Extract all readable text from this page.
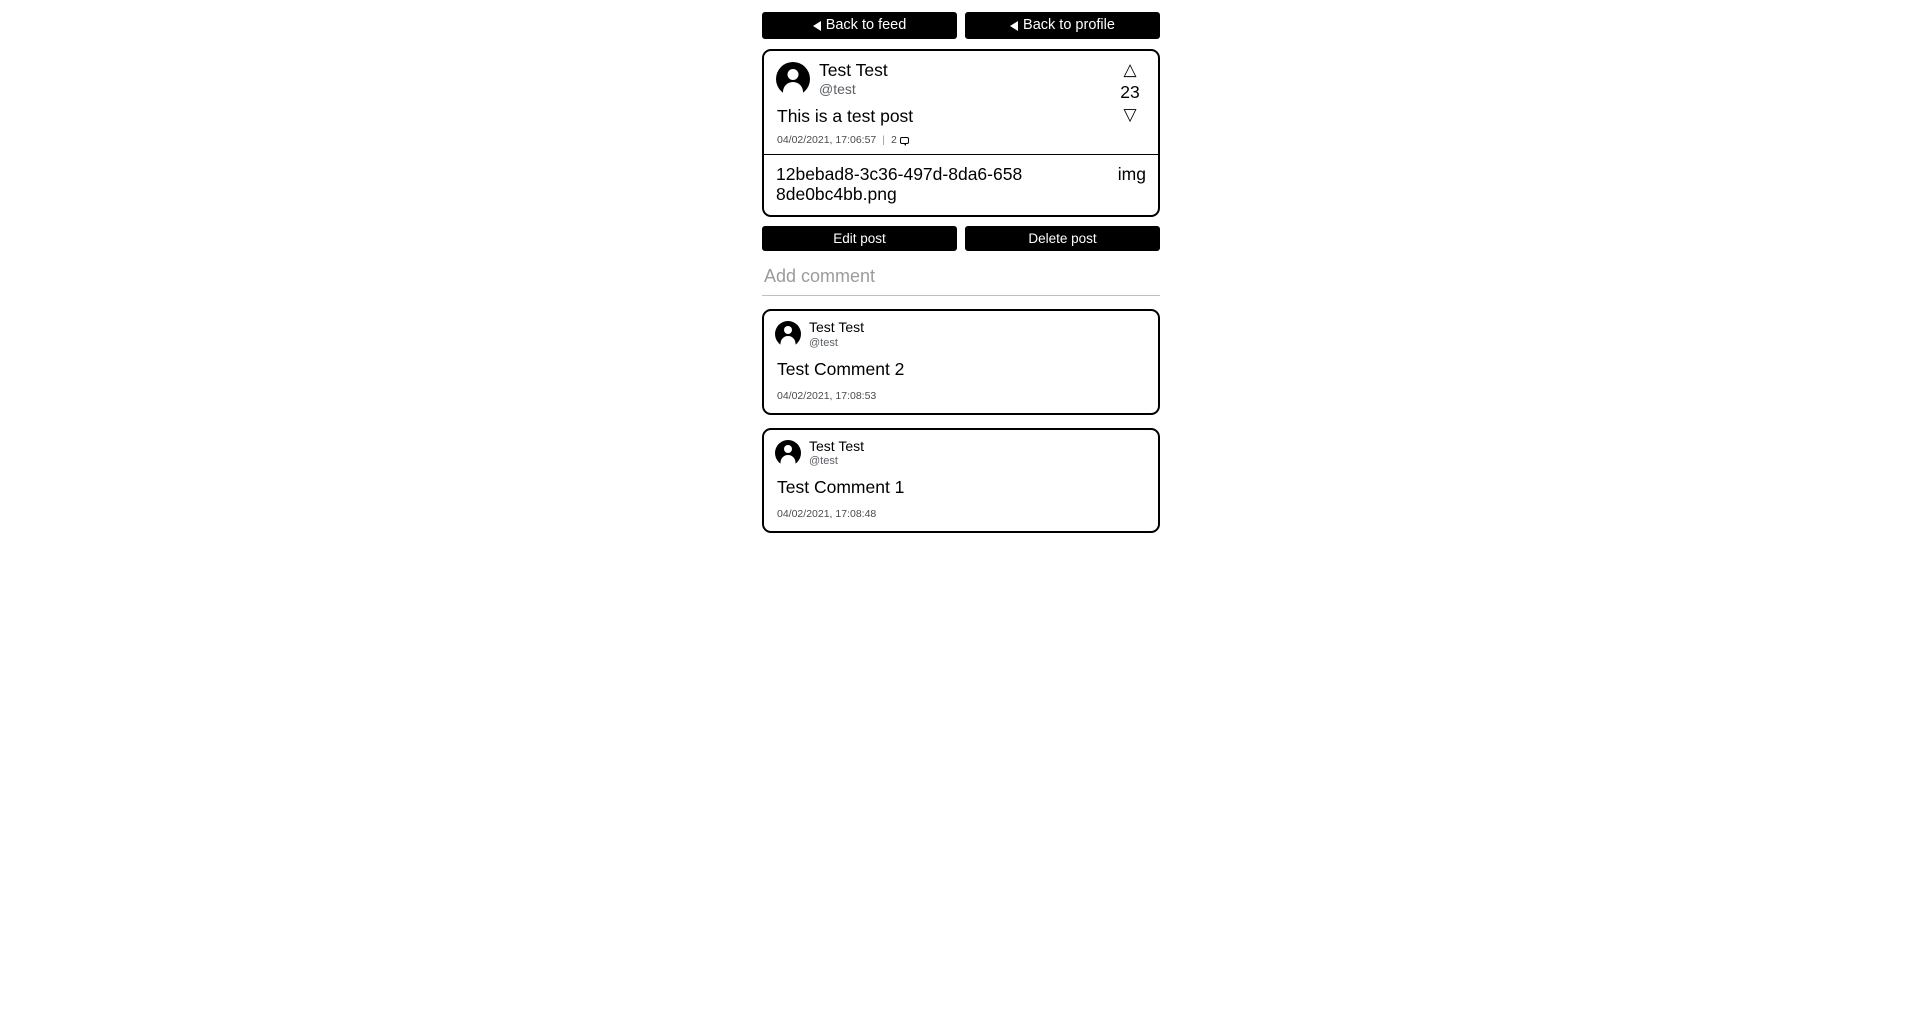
Back to feed	Back to profile
Test Test
@test
This is a test post
04/02/2021, 17:06:57 | 2
△
23
▽
12bebad8-3c36-497d-8da6-6588de0bc4bb.png
img
Edit post	Delete post
Add comment
Test Test
@test
Test Comment 2
04/02/2021, 17:08:53
Test Test
@test
Test Comment 1
04/02/2021, 17:08:48
